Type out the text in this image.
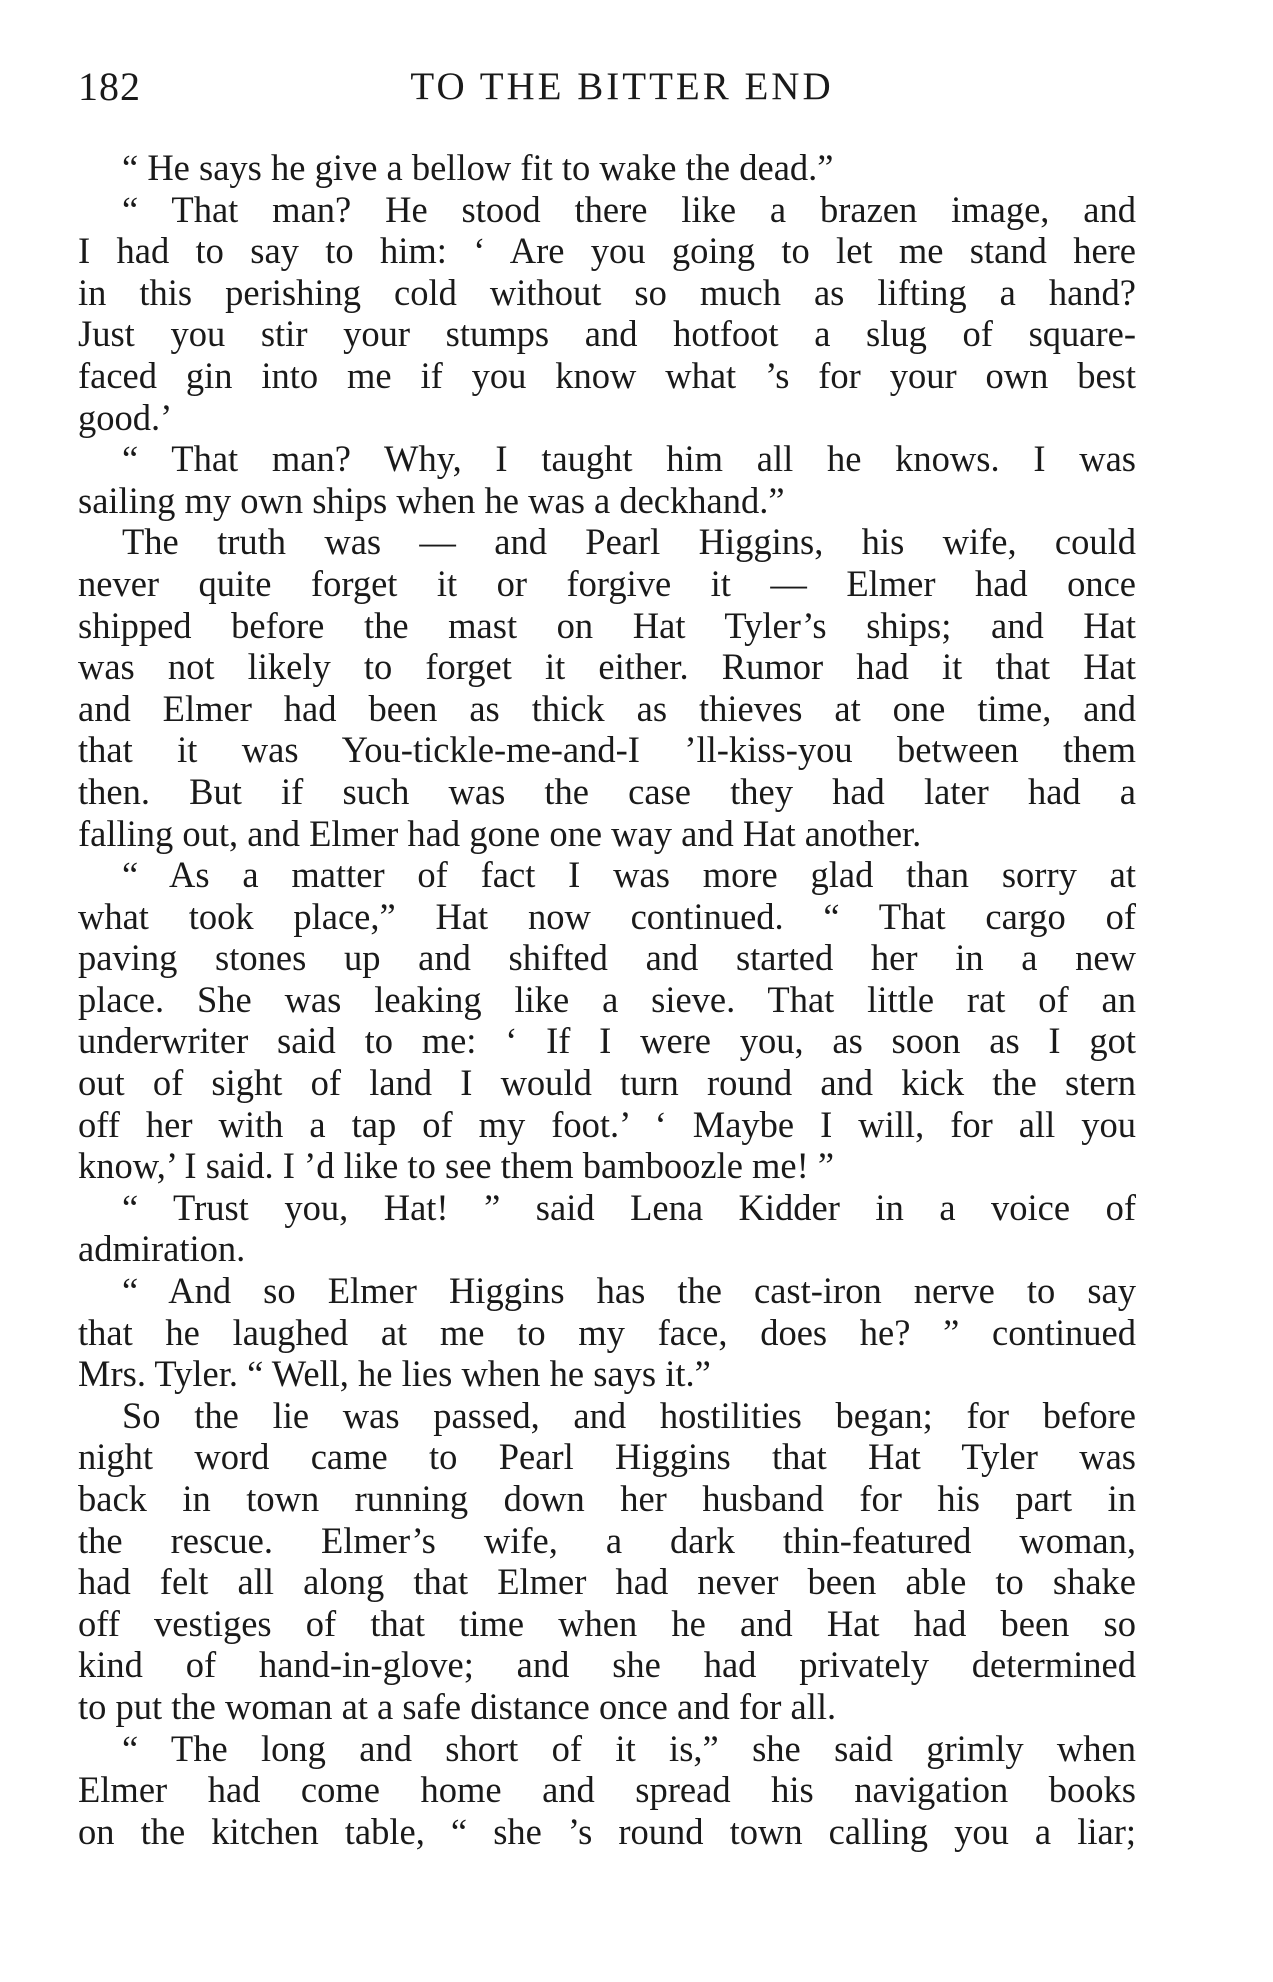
182	TO THE BITTER END
“ He says he give a bellow fit to wake the dead.”
“ That man? He stood there like a brazen image, and
I had to say to him: ‘ Are you going to let me stand here
in this perishing cold without so much as lifting a hand?
Just you stir your stumps and hotfoot a slug of square-
faced gin into me if you know what ’s for your own best
good.’
“ That man? Why, I taught him all he knows. I was
sailing my own ships when he was a deckhand.”
The truth was — and Pearl Higgins, his wife, could
never quite forget it or forgive it — Elmer had once
shipped before the mast on Hat Tyler’s ships; and Hat
was not likely to forget it either. Rumor had it that Hat
and Elmer had been as thick as thieves at one time, and
that it was You-tickle-me-and-I ’ll-kiss-you between them
then. But if such was the case they had later had a
falling out, and Elmer had gone one way and Hat another.
“ As a matter of fact I was more glad than sorry at
what took place,” Hat now continued. “ That cargo of
paving stones up and shifted and started her in a new
place. She was leaking like a sieve. That little rat of an
underwriter said to me: ‘ If I were you, as soon as I got
out of sight of land I would turn round and kick the stern
off her with a tap of my foot.’ ‘ Maybe I will, for all you
know,’ I said. I ’d like to see them bamboozle me! ”
“ Trust you, Hat! ” said Lena Kidder in a voice of
admiration.
“ And so Elmer Higgins has the cast-iron nerve to say
that he laughed at me to my face, does he? ” continued
Mrs. Tyler. “ Well, he lies when he says it.”
So the lie was passed, and hostilities began; for before
night word came to Pearl Higgins that Hat Tyler was
back in town running down her husband for his part in
the rescue. Elmer’s wife, a dark thin-featured woman,
had felt all along that Elmer had never been able to shake
off vestiges of that time when he and Hat had been so
kind of hand-in-glove; and she had privately determined
to put the woman at a safe distance once and for all.
“ The long and short of it is,” she said grimly when
Elmer had come home and spread his navigation books
on the kitchen table, “ she ’s round town calling you a liar;
